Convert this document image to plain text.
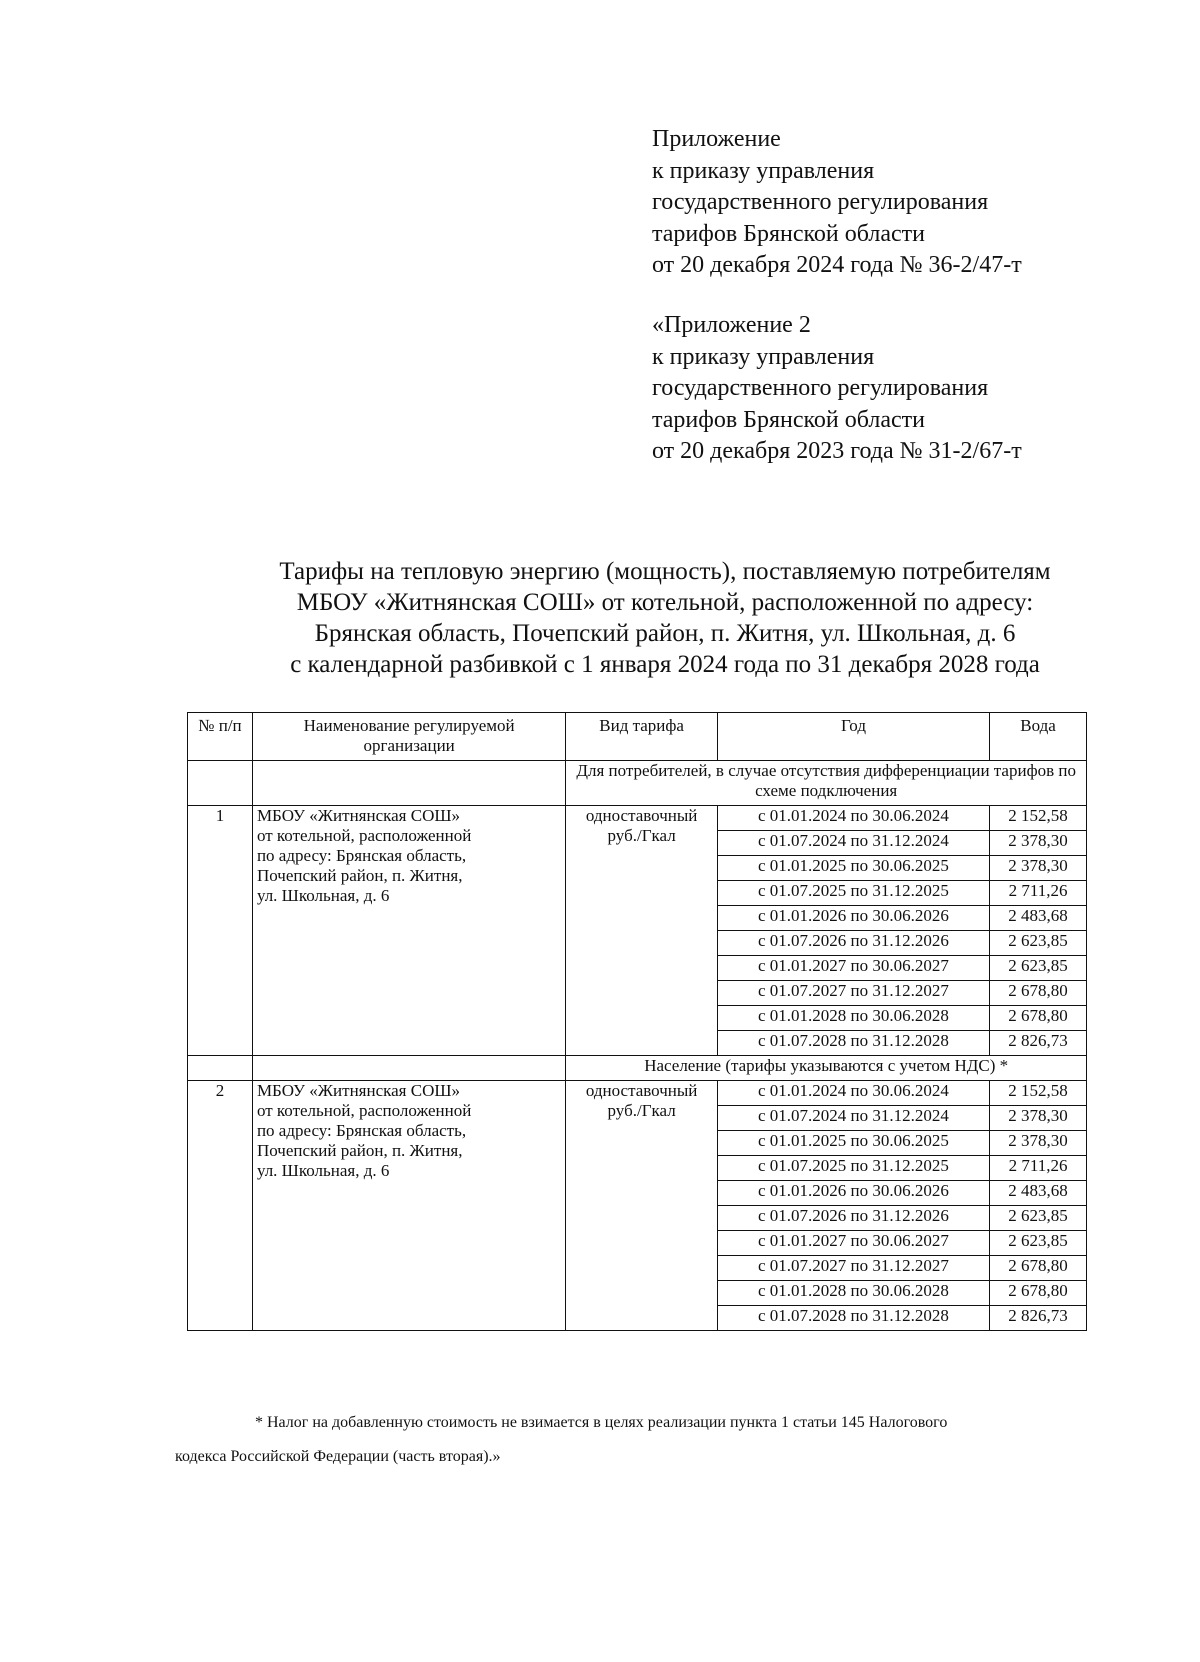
Приложение
к приказу управления
государственного регулирования
тарифов Брянской области
от 20 декабря 2024 года № 36-2/47-т
«Приложение 2
к приказу управления
государственного регулирования
тарифов Брянской области
от 20 декабря 2023 года № 31-2/67-т
Тарифы на тепловую энергию (мощность), поставляемую потребителям
МБОУ «Житнянская СОШ» от котельной, расположенной по адресу:
Брянская область, Почепский район, п. Житня, ул. Школьная, д. 6
с календарной разбивкой с 1 января 2024 года по 31 декабря 2028 года
№ п/п	Наименование регулируемой организации	Вид тарифа	Год	Вода
		Для потребителей, в случае отсутствия дифференциации тарифов по схеме подключения		
1	МБОУ «Житнянская СОШ»
от котельной, расположенной
по адресу: Брянская область,
Почепский район, п. Житня,
ул. Школьная, д. 6	одноставочный
руб./Гкал	с 01.01.2024 по 30.06.2024	2 152,58
			с 01.07.2024 по 31.12.2024	2 378,30
			с 01.01.2025 по 30.06.2025	2 378,30
			с 01.07.2025 по 31.12.2025	2 711,26
			с 01.01.2026 по 30.06.2026	2 483,68
			с 01.07.2026 по 31.12.2026	2 623,85
			с 01.01.2027 по 30.06.2027	2 623,85
			с 01.07.2027 по 31.12.2027	2 678,80
			с 01.01.2028 по 30.06.2028	2 678,80
			с 01.07.2028 по 31.12.2028	2 826,73
		Население (тарифы указываются с учетом НДС) *		
2	МБОУ «Житнянская СОШ»
от котельной, расположенной
по адресу: Брянская область,
Почепский район, п. Житня,
ул. Школьная, д. 6	одноставочный
руб./Гкал	с 01.01.2024 по 30.06.2024	2 152,58
			с 01.07.2024 по 31.12.2024	2 378,30
			с 01.01.2025 по 30.06.2025	2 378,30
			с 01.07.2025 по 31.12.2025	2 711,26
			с 01.01.2026 по 30.06.2026	2 483,68
			с 01.07.2026 по 31.12.2026	2 623,85
			с 01.01.2027 по 30.06.2027	2 623,85
			с 01.07.2027 по 31.12.2027	2 678,80
			с 01.01.2028 по 30.06.2028	2 678,80
			с 01.07.2028 по 31.12.2028	2 826,73
* Налог на добавленную стоимость не взимается в целях реализации пункта 1 статьи 145 Налогового
кодекса Российской Федерации (часть вторая).»
